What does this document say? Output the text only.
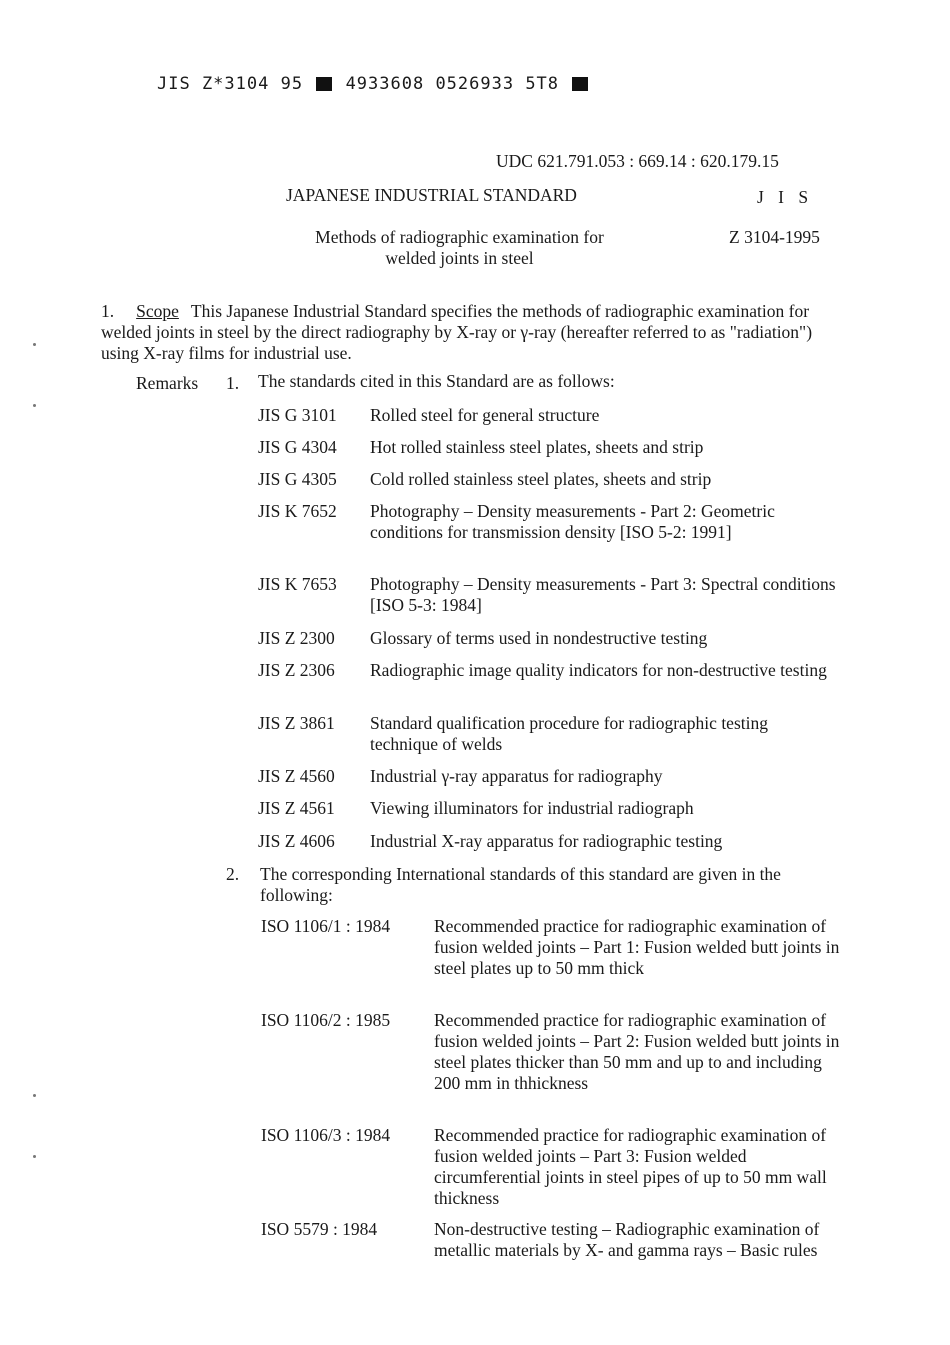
JIS Z*3104 95	4933608 0526933 5T8
UDC 621.791.053 : 669.14 : 620.179.15
JAPANESE INDUSTRIAL STANDARD	J I S
Methods of radiographic examination for welded joints in steel
Z 3104-1995
1. Scope This Japanese Industrial Standard specifies the methods of radiographic examination for welded joints in steel by the direct radiography by X-ray or γ-ray (hereafter referred to as "radiation") using X-ray films for industrial use.
Remarks 1. The standards cited in this Standard are as follows:
JIS G 3101 Rolled steel for general structure
JIS G 4304 Hot rolled stainless steel plates, sheets and strip
JIS G 4305 Cold rolled stainless steel plates, sheets and strip
JIS K 7652 Photography – Density measurements - Part 2: Geometric conditions for transmission density [ISO 5-2: 1991]
JIS K 7653 Photography – Density measurements - Part 3: Spectral conditions [ISO 5-3: 1984]
JIS Z 2300 Glossary of terms used in nondestructive testing
JIS Z 2306 Radiographic image quality indicators for non-destructive testing
JIS Z 3861 Standard qualification procedure for radiographic testing technique of welds
JIS Z 4560 Industrial γ-ray apparatus for radiography
JIS Z 4561 Viewing illuminators for industrial radiograph
JIS Z 4606 Industrial X-ray apparatus for radiographic testing
2. The corresponding International standards of this standard are given in the following:
ISO 1106/1 : 1984	Recommended practice for radiographic examination of fusion welded joints – Part 1: Fusion welded butt joints in steel plates up to 50 mm thick
ISO 1106/2 : 1985	Recommended practice for radiographic examination of fusion welded joints – Part 2: Fusion welded butt joints in steel plates thicker than 50 mm and up to and including 200 mm in thhickness
ISO 1106/3 : 1984	Recommended practice for radiographic examination of fusion welded joints – Part 3: Fusion welded circumferential joints in steel pipes of up to 50 mm wall thickness
ISO 5579 : 1984	Non-destructive testing – Radiographic examination of metallic materials by X- and gamma rays – Basic rules
